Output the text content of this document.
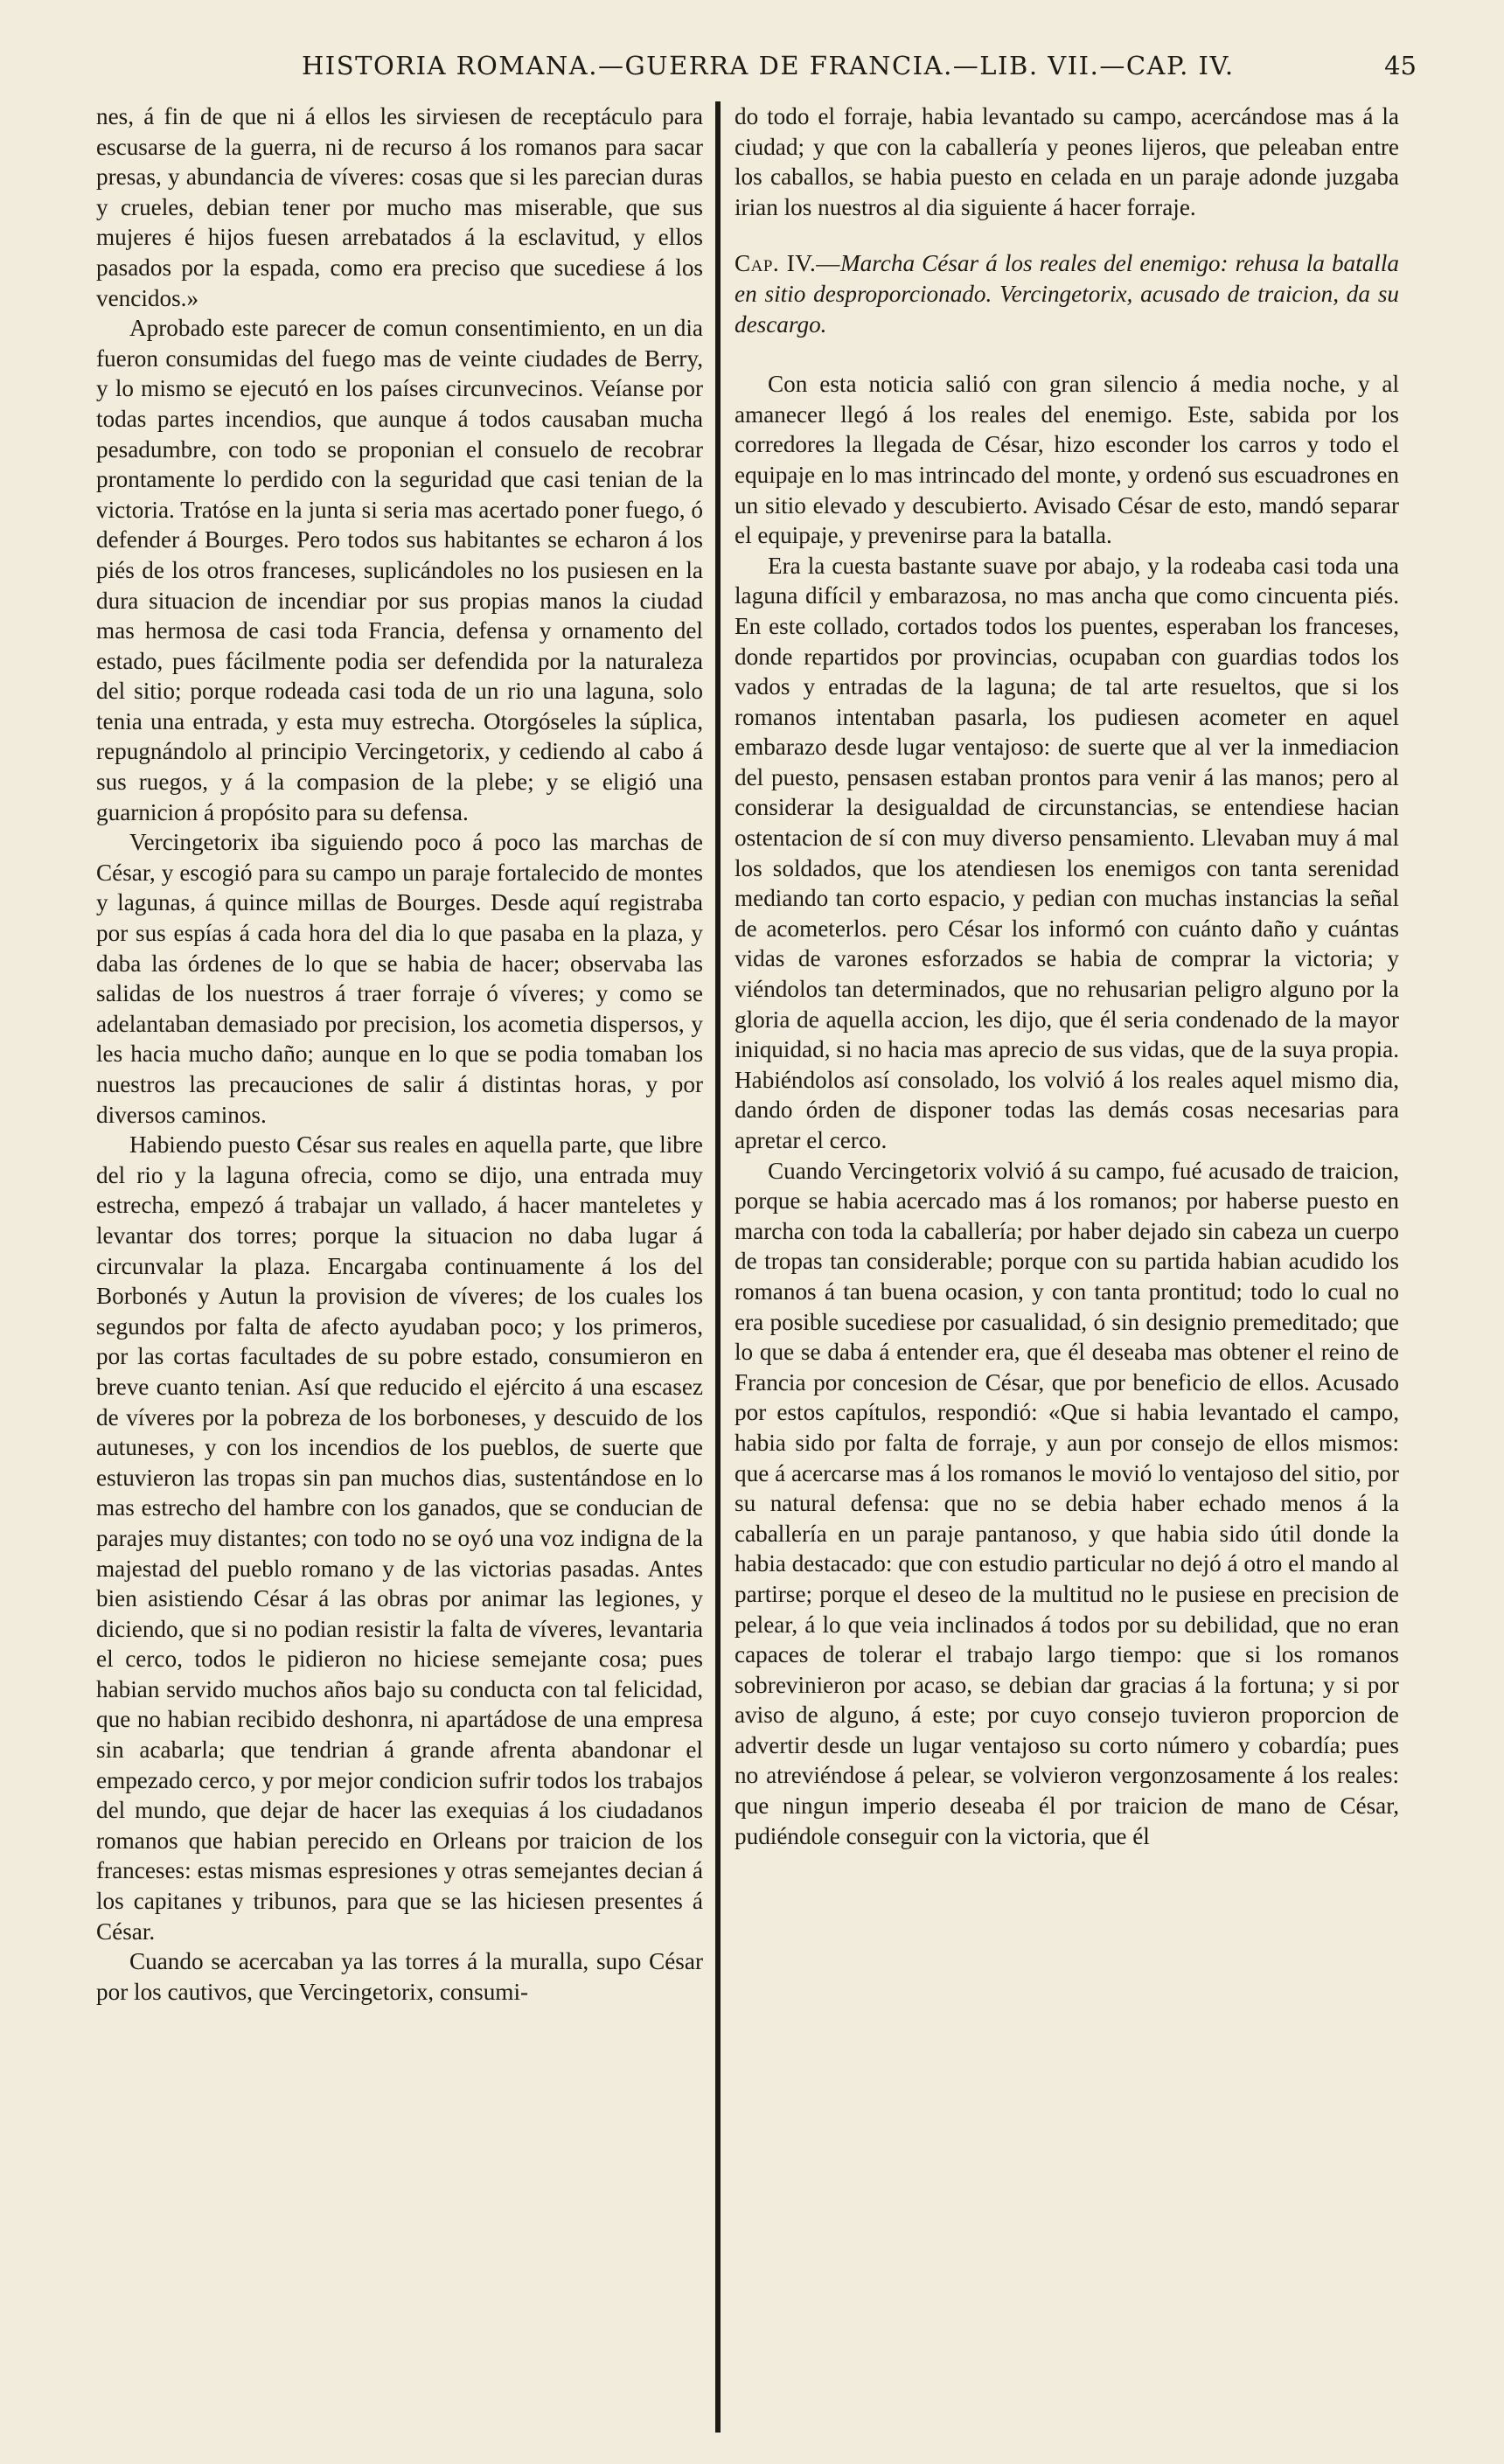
HISTORIA ROMANA.—GUERRA DE FRANCIA.—LIB. VII.—CAP. IV.	45

nes, á fin de que ni á ellos les sirviesen de receptáculo para escusarse de la guerra, ni de recurso á los romanos para sacar presas, y abundancia de víveres: cosas que si les parecian duras y crueles, debian tener por mucho mas miserable, que sus mujeres é hijos fuesen arrebatados á la esclavitud, y ellos pasados por la espada, como era preciso que sucediese á los vencidos.»

Aprobado este parecer de comun consentimiento, en un dia fueron consumidas del fuego mas de veinte ciudades de Berry, y lo mismo se ejecutó en los países circunvecinos. Veíanse por todas partes incendios, que aunque á todos causaban mucha pesadumbre, con todo se proponian el consuelo de recobrar prontamente lo perdido con la seguridad que casi tenian de la victoria. Tratóse en la junta si seria mas acertado poner fuego, ó defender á Bourges. Pero todos sus habitantes se echaron á los piés de los otros franceses, suplicándoles no los pusiesen en la dura situacion de incendiar por sus propias manos la ciudad mas hermosa de casi toda Francia, defensa y ornamento del estado, pues fácilmente podia ser defendida por la naturaleza del sitio; porque rodeada casi toda de un rio una laguna, solo tenia una entrada, y esta muy estrecha. Otorgóseles la súplica, repugnándolo al principio Vercingetorix, y cediendo al cabo á sus ruegos, y á la compasion de la plebe; y se eligió una guarnicion á propósito para su defensa.

Vercingetorix iba siguiendo poco á poco las marchas de César, y escogió para su campo un paraje fortalecido de montes y lagunas, á quince millas de Bourges. Desde aquí registraba por sus espías á cada hora del dia lo que pasaba en la plaza, y daba las órdenes de lo que se habia de hacer; observaba las salidas de los nuestros á traer forraje ó víveres; y como se adelantaban demasiado por precision, los acometia dispersos, y les hacia mucho daño; aunque en lo que se podia tomaban los nuestros las precauciones de salir á distintas horas, y por diversos caminos.

Habiendo puesto César sus reales en aquella parte, que libre del rio y la laguna ofrecia, como se dijo, una entrada muy estrecha, empezó á trabajar un vallado, á hacer manteletes y levantar dos torres; porque la situacion no daba lugar á circunvalar la plaza. Encargaba continuamente á los del Borbonés y Autun la provision de víveres; de los cuales los segundos por falta de afecto ayudaban poco; y los primeros, por las cortas facultades de su pobre estado, consumieron en breve cuanto tenian. Así que reducido el ejército á una escasez de víveres por la pobreza de los borboneses, y descuido de los autuneses, y con los incendios de los pueblos, de suerte que estuvieron las tropas sin pan muchos dias, sustentándose en lo mas estrecho del hambre con los ganados, que se conducian de parajes muy distantes; con todo no se oyó una voz indigna de la majestad del pueblo romano y de las victorias pasadas. Antes bien asistiendo César á las obras por animar las legiones, y diciendo, que si no podian resistir la falta de víveres, levantaria el cerco, todos le pidieron no hiciese semejante cosa; pues habian servido muchos años bajo su conducta con tal felicidad, que no habian recibido deshonra, ni apartádose de una empresa sin acabarla; que tendrian á grande afrenta abandonar el empezado cerco, y por mejor condicion sufrir todos los trabajos del mundo, que dejar de hacer las exequias á los ciudadanos romanos que habian perecido en Orleans por traicion de los franceses: estas mismas espresiones y otras semejantes decian á los capitanes y tribunos, para que se las hiciesen presentes á César.

Cuando se acercaban ya las torres á la muralla, supo César por los cautivos, que Vercingetorix, consumi-

do todo el forraje, habia levantado su campo, acercándose mas á la ciudad; y que con la caballería y peones lijeros, que peleaban entre los caballos, se habia puesto en celada en un paraje adonde juzgaba irian los nuestros al dia siguiente á hacer forraje.

Cap. IV.—Marcha César á los reales del enemigo: rehusa la batalla en sitio desproporcionado. Vercingetorix, acusado de traicion, da su descargo.

Con esta noticia salió con gran silencio á media noche, y al amanecer llegó á los reales del enemigo. Este, sabida por los corredores la llegada de César, hizo esconder los carros y todo el equipaje en lo mas intrincado del monte, y ordenó sus escuadrones en un sitio elevado y descubierto. Avisado César de esto, mandó separar el equipaje, y prevenirse para la batalla.

Era la cuesta bastante suave por abajo, y la rodeaba casi toda una laguna difícil y embarazosa, no mas ancha que como cincuenta piés. En este collado, cortados todos los puentes, esperaban los franceses, donde repartidos por provincias, ocupaban con guardias todos los vados y entradas de la laguna; de tal arte resueltos, que si los romanos intentaban pasarla, los pudiesen acometer en aquel embarazo desde lugar ventajoso: de suerte que al ver la inmediacion del puesto, pensasen estaban prontos para venir á las manos; pero al considerar la desigualdad de circunstancias, se entendiese hacian ostentacion de sí con muy diverso pensamiento. Llevaban muy á mal los soldados, que los atendiesen los enemigos con tanta serenidad mediando tan corto espacio, y pedian con muchas instancias la señal de acometerlos. pero César los informó con cuánto daño y cuántas vidas de varones esforzados se habia de comprar la victoria; y viéndolos tan determinados, que no rehusarian peligro alguno por la gloria de aquella accion, les dijo, que él seria condenado de la mayor iniquidad, si no hacia mas aprecio de sus vidas, que de la suya propia. Habiéndolos así consolado, los volvió á los reales aquel mismo dia, dando órden de disponer todas las demás cosas necesarias para apretar el cerco.

Cuando Vercingetorix volvió á su campo, fué acusado de traicion, porque se habia acercado mas á los romanos; por haberse puesto en marcha con toda la caballería; por haber dejado sin cabeza un cuerpo de tropas tan considerable; porque con su partida habian acudido los romanos á tan buena ocasion, y con tanta prontitud; todo lo cual no era posible sucediese por casualidad, ó sin designio premeditado; que lo que se daba á entender era, que él deseaba mas obtener el reino de Francia por concesion de César, que por beneficio de ellos. Acusado por estos capítulos, respondió: «Que si habia levantado el campo, habia sido por falta de forraje, y aun por consejo de ellos mismos: que á acercarse mas á los romanos le movió lo ventajoso del sitio, por su natural defensa: que no se debia haber echado menos á la caballería en un paraje pantanoso, y que habia sido útil donde la habia destacado: que con estudio particular no dejó á otro el mando al partirse; porque el deseo de la multitud no le pusiese en precision de pelear, á lo que veia inclinados á todos por su debilidad, que no eran capaces de tolerar el trabajo largo tiempo: que si los romanos sobrevinieron por acaso, se debian dar gracias á la fortuna; y si por aviso de alguno, á este; por cuyo consejo tuvieron proporcion de advertir desde un lugar ventajoso su corto número y cobardía; pues no atreviéndose á pelear, se volvieron vergonzosamente á los reales: que ningun imperio deseaba él por traicion de mano de César, pudiéndole conseguir con la victoria, que él
